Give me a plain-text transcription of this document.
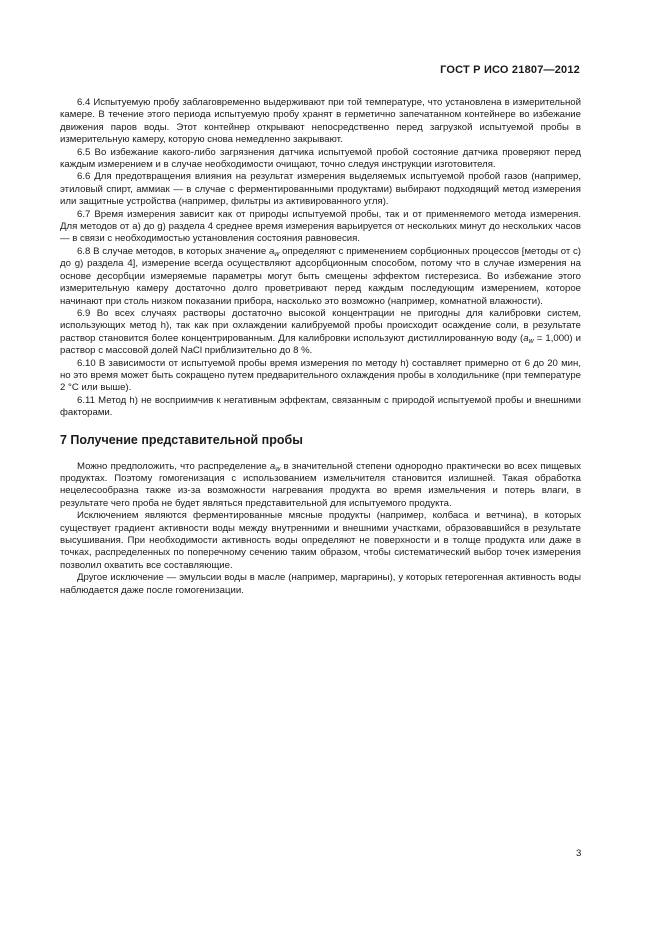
ГОСТ Р ИСО 21807—2012

6.4 Испытуемую пробу заблаговременно выдерживают при той температуре, что установлена в измерительной камере. В течение этого периода испытуемую пробу хранят в герметично запечатанном контейнере во избежание движения паров воды. Этот контейнер открывают непосредственно перед загрузкой испытуемой пробы в измерительную камеру, которую снова немедленно закрывают.

6.5 Во избежание какого-либо загрязнения датчика испытуемой пробой состояние датчика проверяют перед каждым измерением и в случае необходимости очищают, точно следуя инструкции изготовителя.

6.6 Для предотвращения влияния на результат измерения выделяемых испытуемой пробой газов (например, этиловый спирт, аммиак — в случае с ферментированными продуктами) выбирают подходящий метод измерения или защитные устройства (например, фильтры из активированного угля).

6.7 Время измерения зависит как от природы испытуемой пробы, так и от применяемого метода измерения. Для методов от a) до g) раздела 4 среднее время измерения варьируется от нескольких минут до нескольких часов — в связи с необходимостью установления состояния равновесия.

6.8 В случае методов, в которых значение $a_w$ определяют с применением сорбционных процессов [методы от c) до g) раздела 4], измерение всегда осуществляют адсорбционным способом, потому что в случае измерения на основе десорбции измеряемые параметры могут быть смещены эффектом гистерезиса. Во избежание этого измерительную камеру достаточно долго проветривают перед каждым последующим измерением, которое начинают при столь низком показании прибора, насколько это возможно (например, комнатной влажности).

6.9 Во всех случаях растворы достаточно высокой концентрации не пригодны для калибровки систем, использующих метод h), так как при охлаждении калибруемой пробы происходит осаждение соли, в результате раствор становится более концентрированным. Для калибровки используют дистиллированную воду $(a_w = 1,000)$ и раствор с массовой долей NaCl приблизительно до 8 %.

6.10 В зависимости от испытуемой пробы время измерения по методу h) составляет примерно от 6 до 20 мин, но это время может быть сокращено путем предварительного охлаждения пробы в холодильнике (при температуре 2 °C или выше).

6.11 Метод h) не восприимчив к негативным эффектам, связанным с природой испытуемой пробы и внешними факторами.

7 Получение представительной пробы

Можно предположить, что распределение $a_w$ в значительной степени однородно практически во всех пищевых продуктах. Поэтому гомогенизация с использованием измельчителя становится излишней. Такая обработка нецелесообразна также из-за возможности нагревания продукта во время измельчения и потерь влаги, в результате чего проба не будет являться представительной для испытуемого продукта.

Исключением являются ферментированные мясные продукты (например, колбаса и ветчина), в которых существует градиент активности воды между внутренними и внешними участками, образовавшийся в результате высушивания. При необходимости активность воды определяют не поверхности и в толще продукта или даже в точках, распределенных по поперечному сечению таким образом, чтобы систематический выбор точек измерения позволил охватить все составляющие.

Другое исключение — эмульсии воды в масле (например, маргарины), у которых гетерогенная активность воды наблюдается даже после гомогенизации.

3
